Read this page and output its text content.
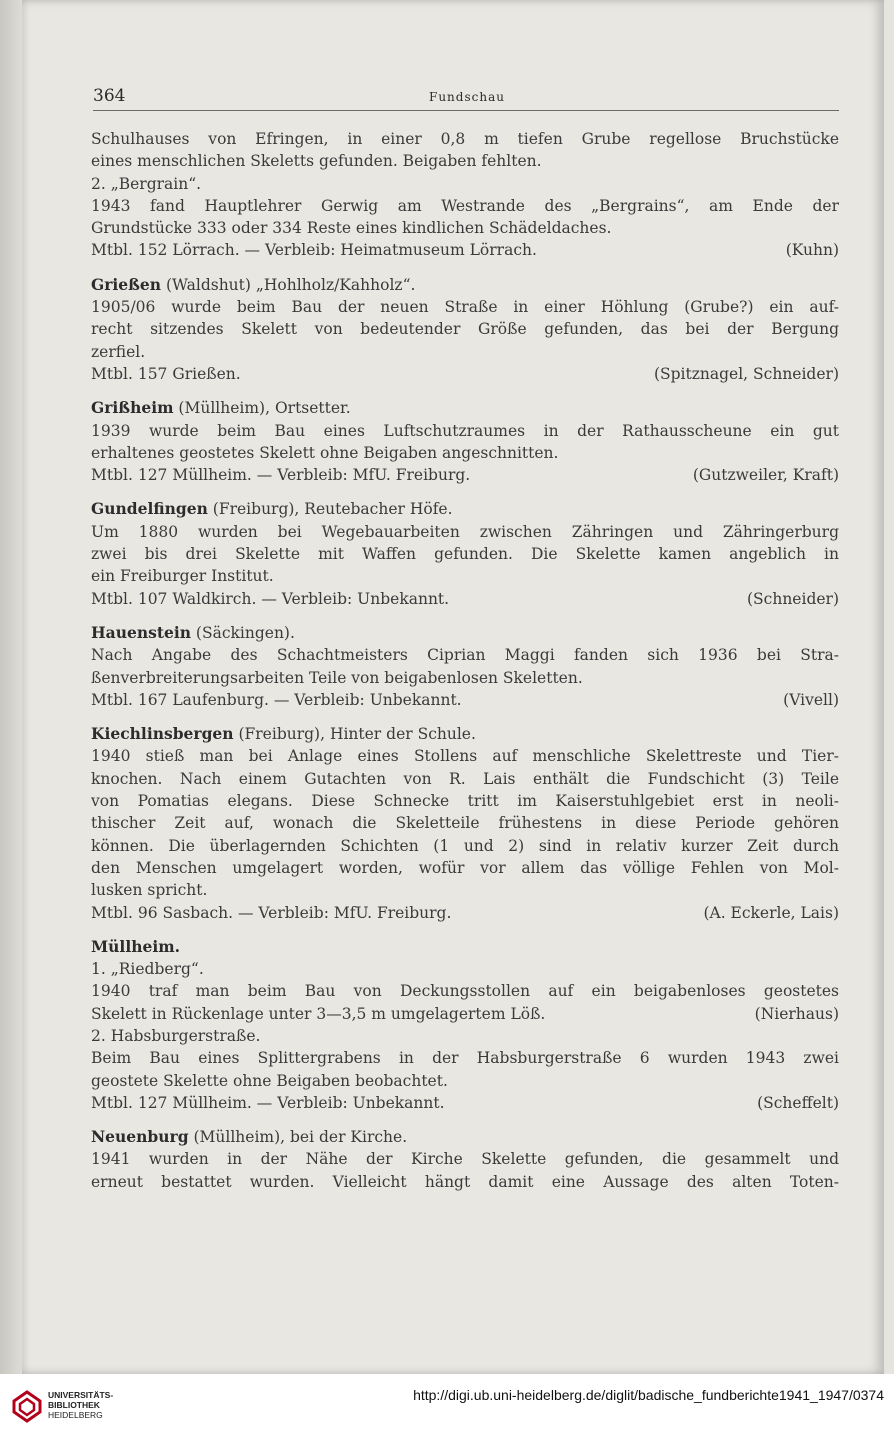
364	Fundschau
Schulhauses von Efringen, in einer 0,8 m tiefen Grube regellose Bruchstücke
eines menschlichen Skeletts gefunden. Beigaben fehlten.
2. „Bergrain“.
1943 fand Hauptlehrer Gerwig am Westrande des „Bergrains“, am Ende der
Grundstücke 333 oder 334 Reste eines kindlichen Schädeldaches.
Mtbl. 152 Lörrach. — Verbleib: Heimatmuseum Lörrach.	(Kuhn)
Grießen (Waldshut) „Hohlholz/Kahholz“.
1905/06 wurde beim Bau der neuen Straße in einer Höhlung (Grube?) ein auf-
recht sitzendes Skelett von bedeutender Größe gefunden, das bei der Bergung
zerfiel.
Mtbl. 157 Grießen.	(Spitznagel, Schneider)
Grißheim (Müllheim), Ortsetter.
1939 wurde beim Bau eines Luftschutzraumes in der Rathausscheune ein gut
erhaltenes geostetes Skelett ohne Beigaben angeschnitten.
Mtbl. 127 Müllheim. — Verbleib: MfU. Freiburg.	(Gutzweiler, Kraft)
Gundelfingen (Freiburg), Reutebacher Höfe.
Um 1880 wurden bei Wegebauarbeiten zwischen Zähringen und Zähringerburg
zwei bis drei Skelette mit Waffen gefunden. Die Skelette kamen angeblich in
ein Freiburger Institut.
Mtbl. 107 Waldkirch. — Verbleib: Unbekannt.	(Schneider)
Hauenstein (Säckingen).
Nach Angabe des Schachtmeisters Ciprian Maggi fanden sich 1936 bei Stra-
ßenverbreiterungsarbeiten Teile von beigabenlosen Skeletten.
Mtbl. 167 Laufenburg. — Verbleib: Unbekannt.	(Vivell)
Kiechlinsbergen (Freiburg), Hinter der Schule.
1940 stieß man bei Anlage eines Stollens auf menschliche Skelettreste und Tier-
knochen. Nach einem Gutachten von R. Lais enthält die Fundschicht (3) Teile
von Pomatias elegans. Diese Schnecke tritt im Kaiserstuhlgebiet erst in neoli-
thischer Zeit auf, wonach die Skeletteile frühestens in diese Periode gehören
können. Die überlagernden Schichten (1 und 2) sind in relativ kurzer Zeit durch
den Menschen umgelagert worden, wofür vor allem das völlige Fehlen von Mol-
lusken spricht.
Mtbl. 96 Sasbach. — Verbleib: MfU. Freiburg.	(A. Eckerle, Lais)
Müllheim.
1. „Riedberg“.
1940 traf man beim Bau von Deckungsstollen auf ein beigabenloses geostetes
Skelett in Rückenlage unter 3—3,5 m umgelagertem Löß.	(Nierhaus)
2. Habsburgerstraße.
Beim Bau eines Splittergrabens in der Habsburgerstraße 6 wurden 1943 zwei
geostete Skelette ohne Beigaben beobachtet.
Mtbl. 127 Müllheim. — Verbleib: Unbekannt.	(Scheffelt)
Neuenburg (Müllheim), bei der Kirche.
1941 wurden in der Nähe der Kirche Skelette gefunden, die gesammelt und
erneut bestattet wurden. Vielleicht hängt damit eine Aussage des alten Toten-
UNIVERSITÄTS-
BIBLIOTHEK
HEIDELBERG
http://digi.ub.uni-heidelberg.de/diglit/badische_fundberichte1941_1947/0374
